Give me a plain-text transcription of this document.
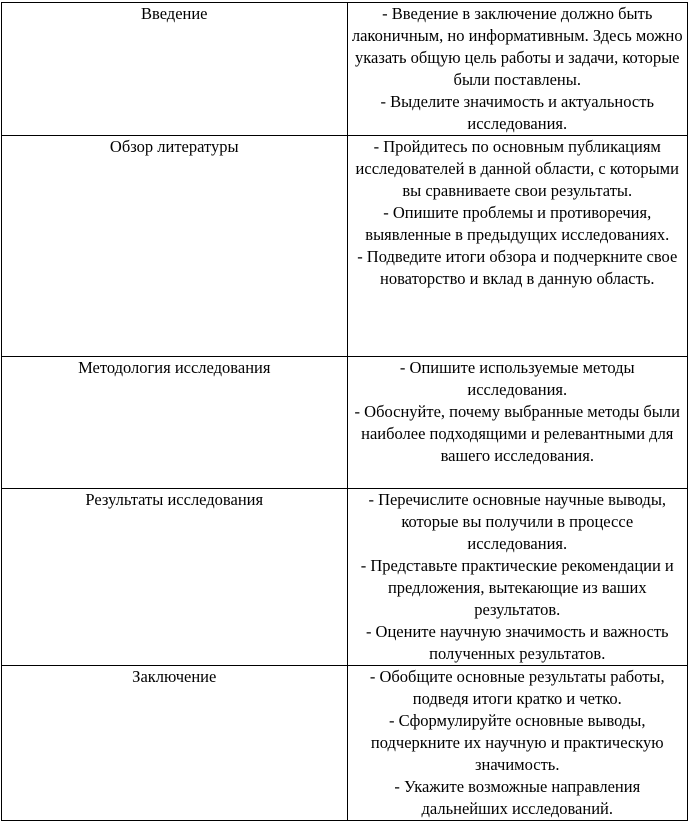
Введение	- Введение в заключение должно быть лаконичным, но информативным. Здесь можно указать общую цель работы и задачи, которые были поставлены.
- Выделите значимость и актуальность исследования.

Обзор литературы	- Пройдитесь по основным публикациям исследователей в данной области, с которыми вы сравниваете свои результаты.
- Опишите проблемы и противоречия, выявленные в предыдущих исследованиях.
- Подведите итоги обзора и подчеркните свое новаторство и вклад в данную область.

Методология исследования	- Опишите используемые методы исследования.
- Обоснуйте, почему выбранные методы были наиболее подходящими и релевантными для вашего исследования.

Результаты исследования	- Перечислите основные научные выводы, которые вы получили в процессе исследования.
- Представьте практические рекомендации и предложения, вытекающие из ваших результатов.
- Оцените научную значимость и важность полученных результатов.

Заключение	- Обобщите основные результаты работы, подведя итоги кратко и четко.
- Сформулируйте основные выводы, подчеркните их научную и практическую значимость.
- Укажите возможные направления дальнейших исследований.
